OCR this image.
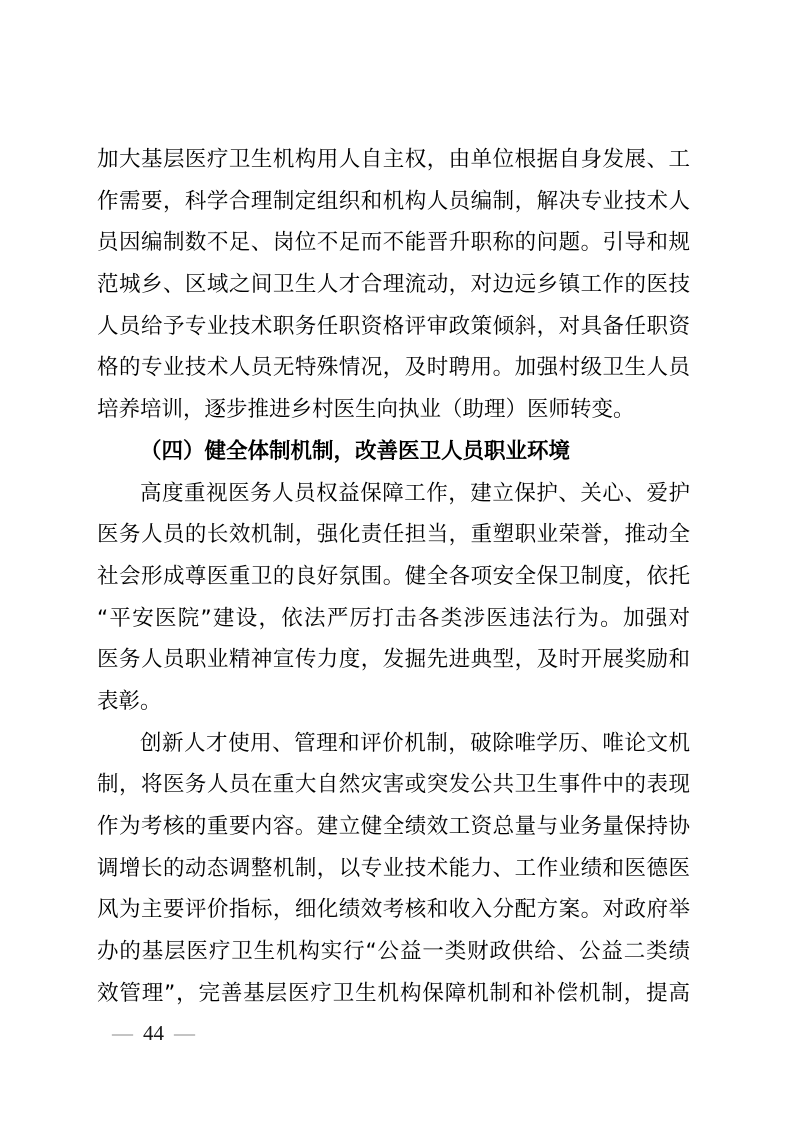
加大基层医疗卫生机构用人自主权，由单位根据自身发展、工
作需要，科学合理制定组织和机构人员编制，解决专业技术人
员因编制数不足、岗位不足而不能晋升职称的问题。引导和规
范城乡、区域之间卫生人才合理流动，对边远乡镇工作的医技
人员给予专业技术职务任职资格评审政策倾斜，对具备任职资
格的专业技术人员无特殊情况，及时聘用。加强村级卫生人员
培养培训，逐步推进乡村医生向执业（助理）医师转变。
（四）健全体制机制，改善医卫人员职业环境
高度重视医务人员权益保障工作，建立保护、关心、爱护
医务人员的长效机制，强化责任担当，重塑职业荣誉，推动全
社会形成尊医重卫的良好氛围。健全各项安全保卫制度，依托
“平安医院”建设，依法严厉打击各类涉医违法行为。加强对
医务人员职业精神宣传力度，发掘先进典型，及时开展奖励和
表彰。
创新人才使用、管理和评价机制，破除唯学历、唯论文机
制，将医务人员在重大自然灾害或突发公共卫生事件中的表现
作为考核的重要内容。建立健全绩效工资总量与业务量保持协
调增长的动态调整机制，以专业技术能力、工作业绩和医德医
风为主要评价指标，细化绩效考核和收入分配方案。对政府举
办的基层医疗卫生机构实行“公益一类财政供给、公益二类绩
效管理”，完善基层医疗卫生机构保障机制和补偿机制，提高
— 44 —
